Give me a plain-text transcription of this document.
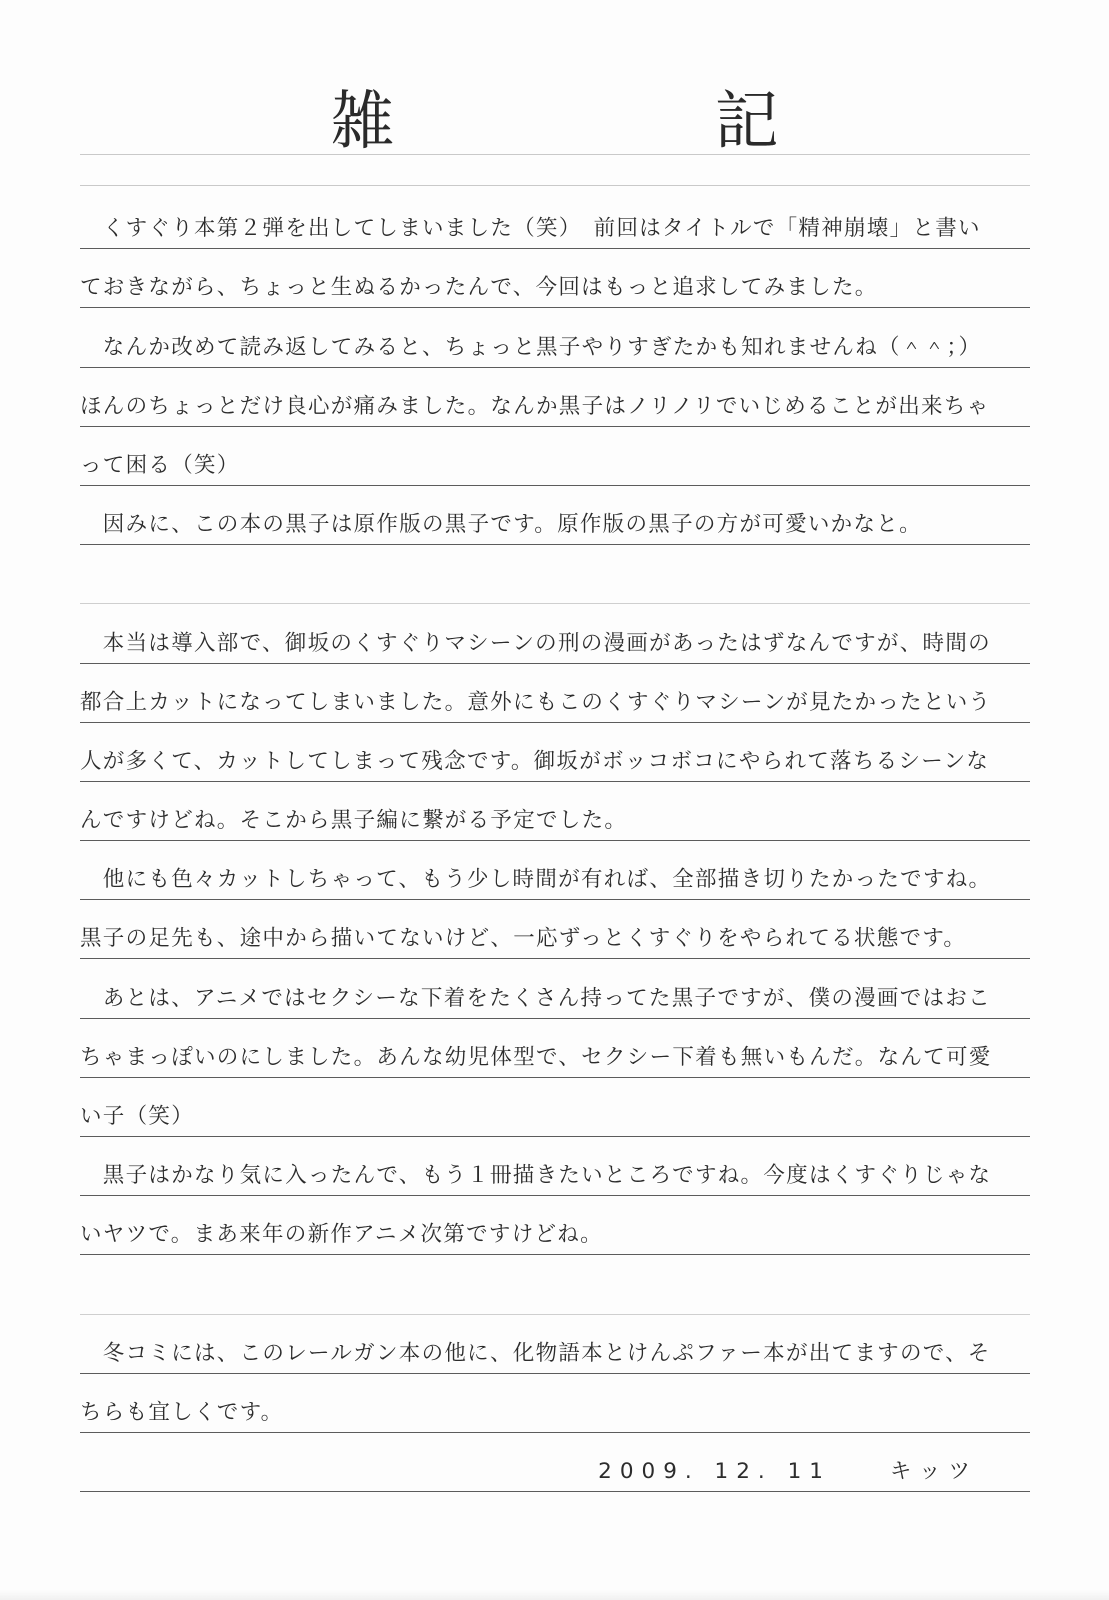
雑 記
　くすぐり本第２弾を出してしまいました（笑）　前回はタイトルで「精神崩壊」と書い
ておきながら、ちょっと生ぬるかったんで、今回はもっと追求してみました。
　なんか改めて読み返してみると、ちょっと黒子やりすぎたかも知れませんね（＾＾；）
ほんのちょっとだけ良心が痛みました。なんか黒子はノリノリでいじめることが出来ちゃ
って困る（笑）
　因みに、この本の黒子は原作版の黒子です。原作版の黒子の方が可愛いかなと。
　本当は導入部で、御坂のくすぐりマシーンの刑の漫画があったはずなんですが、時間の
都合上カットになってしまいました。意外にもこのくすぐりマシーンが見たかったという
人が多くて、カットしてしまって残念です。御坂がボッコボコにやられて落ちるシーンな
んですけどね。そこから黒子編に繋がる予定でした。
　他にも色々カットしちゃって、もう少し時間が有れば、全部描き切りたかったですね。
黒子の足先も、途中から描いてないけど、一応ずっとくすぐりをやられてる状態です。
　あとは、アニメではセクシーな下着をたくさん持ってた黒子ですが、僕の漫画ではおこ
ちゃまっぽいのにしました。あんな幼児体型で、セクシー下着も無いもんだ。なんて可愛
い子（笑）
　黒子はかなり気に入ったんで、もう１冊描きたいところですね。今度はくすぐりじゃな
いヤツで。まあ来年の新作アニメ次第ですけどね。
　冬コミには、このレールガン本の他に、化物語本とけんぷファー本が出てますので、そ
ちらも宜しくです。
2009. 12. 11　　キッツ
